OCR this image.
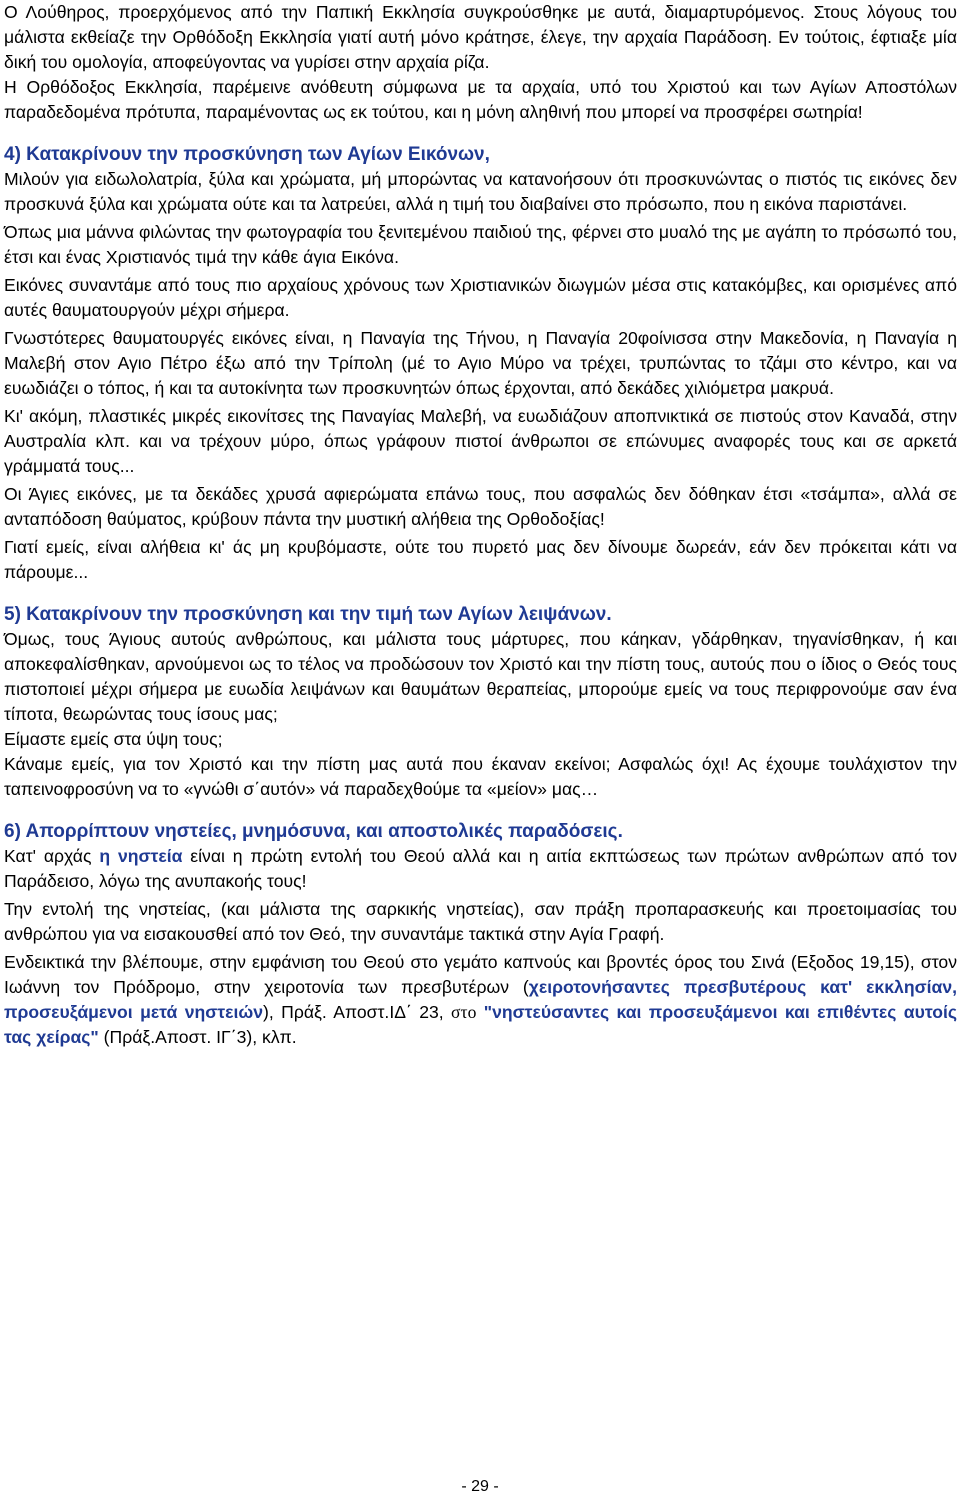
Ο Λούθηρος, προερχόμενος από την Παπική Εκκλησία συγκρούσθηκε με αυτά, διαμαρτυρόμενος. Στους λόγους του μάλιστα εκθείαζε την Ορθόδοξη Εκκλησία γιατί αυτή μόνο κράτησε, έλεγε, την αρχαία Παράδοση. Εν τούτοις, έφτιαξε μία δική του ομολογία, αποφεύγοντας να γυρίσει στην αρχαία ρίζα.

Η Ορθόδοξος Εκκλησία, παρέμεινε ανόθευτη σύμφωνα με τα αρχαία, υπό του Χριστού και των Αγίων Αποστόλων παραδεδομένα πρότυπα, παραμένοντας ως εκ τούτου, και η μόνη αληθινή που μπορεί να προσφέρει σωτηρία!

4) Κατακρίνουν την προσκύνηση των Αγίων Εικόνων,

Μιλούν για ειδωλολατρία, ξύλα και χρώματα, μή μπορώντας να κατανοήσουν ότι προσκυνώντας ο πιστός τις εικόνες δεν προσκυνά ξύλα και χρώματα ούτε και τα λατρεύει, αλλά η τιμή του διαβαίνει στο πρόσωπο, που η εικόνα παριστάνει.

Όπως μια μάννα φιλώντας την φωτογραφία του ξενιτεμένου παιδιού της, φέρνει στο μυαλό της με αγάπη το πρόσωπό του, έτσι και ένας Χριστιανός τιμά την κάθε άγια Εικόνα.

Εικόνες συναντάμε από τους πιο αρχαίους χρόνους των Χριστιανικών διωγμών μέσα στις κατακόμβες, και ορισμένες από αυτές θαυματουργούν μέχρι σήμερα.

Γνωστότερες θαυματουργές εικόνες είναι, η Παναγία της Τήνου, η Παναγία 20φοίνισσα στην Μακεδονία, η Παναγία η Μαλεβή στον Αγιο Πέτρο έξω από την Τρίπολη (μέ το Αγιο Μύρο να τρέχει, τρυπώντας το τζάμι στο κέντρο, και να ευωδιάζει ο τόπος, ή και τα αυτοκίνητα των προσκυνητών όπως έρχονται, από δεκάδες χιλιόμετρα μακρυά.

Κι' ακόμη, πλαστικές μικρές εικονίτσες της Παναγίας Μαλεβή, να ευωδιάζουν αποπνικτικά σε πιστούς στον Καναδά, στην Αυστραλία κλπ. και να τρέχουν μύρο, όπως γράφουν πιστοί άνθρωποι σε επώνυμες αναφορές τους και σε αρκετά γράμματά τους...

Οι Άγιες εικόνες, με τα δεκάδες χρυσά αφιερώματα επάνω τους, που ασφαλώς δεν δόθηκαν έτσι «τσάμπα», αλλά σε ανταπόδοση θαύματος, κρύβουν πάντα την μυστική αλήθεια της Ορθοδοξίας!

Γιατί εμείς, είναι αλήθεια κι' άς μη κρυβόμαστε, ούτε του πυρετό μας δεν δίνουμε δωρεάν, εάν δεν πρόκειται κάτι να πάρουμε...

5) Κατακρίνουν την προσκύνηση και την τιμή των Αγίων λειψάνων.

Όμως, τους Άγιους αυτούς ανθρώπους, και μάλιστα τους μάρτυρες, που κάηκαν, γδάρθηκαν, τηγανίσθηκαν, ή και αποκεφαλίσθηκαν, αρνούμενοι ως το τέλος να προδώσουν τον Χριστό και την πίστη τους, αυτούς που ο ίδιος ο Θεός τους πιστοποιεί μέχρι σήμερα με ευωδία λειψάνων και θαυμάτων θεραπείας, μπορούμε εμείς να τους περιφρονούμε σαν ένα τίποτα, θεωρώντας τους ίσους μας;

Είμαστε εμείς στα ύψη τους;

Κάναμε εμείς, για τον Χριστό και την πίστη μας αυτά που έκαναν εκείνοι; Ασφαλώς όχι! Ας έχουμε τουλάχιστον την ταπεινοφροσύνη να το «γνώθι σ΄αυτόν» νά παραδεχθούμε τα «μείον» μας…

6) Απορρίπτουν νηστείες, μνημόσυνα, και αποστολικές παραδόσεις.

Κατ' αρχάς η νηστεία είναι η πρώτη εντολή του Θεού αλλά και η αιτία εκπτώσεως των πρώτων ανθρώπων από τον Παράδεισο, λόγω της ανυπακοής τους!

Την εντολή της νηστείας, (και μάλιστα της σαρκικής νηστείας), σαν πράξη προπαρασκευής και προετοιμασίας του ανθρώπου για να εισακουσθεί από τον Θεό, την συναντάμε τακτικά στην Αγία Γραφή.

Ενδεικτικά την βλέπουμε, στην εμφάνιση του Θεού στο γεμάτο καπνούς και βροντές όρος του Σινά (Εξοδος 19,15), στον Ιωάννη τον Πρόδρομο, στην χειροτονία των πρεσβυτέρων (χειροτονήσαντες πρεσβυτέρους κατ' εκκλησίαν, προσευξάμενοι μετά νηστειών), Πράξ. Αποστ.ΙΔ΄ 23, στο "νηστεύσαντες και προσευξάμενοι και επιθέντες αυτοίς τας χείρας" (Πράξ.Αποστ. ΙΓ΄3), κλπ.

- 29 -
